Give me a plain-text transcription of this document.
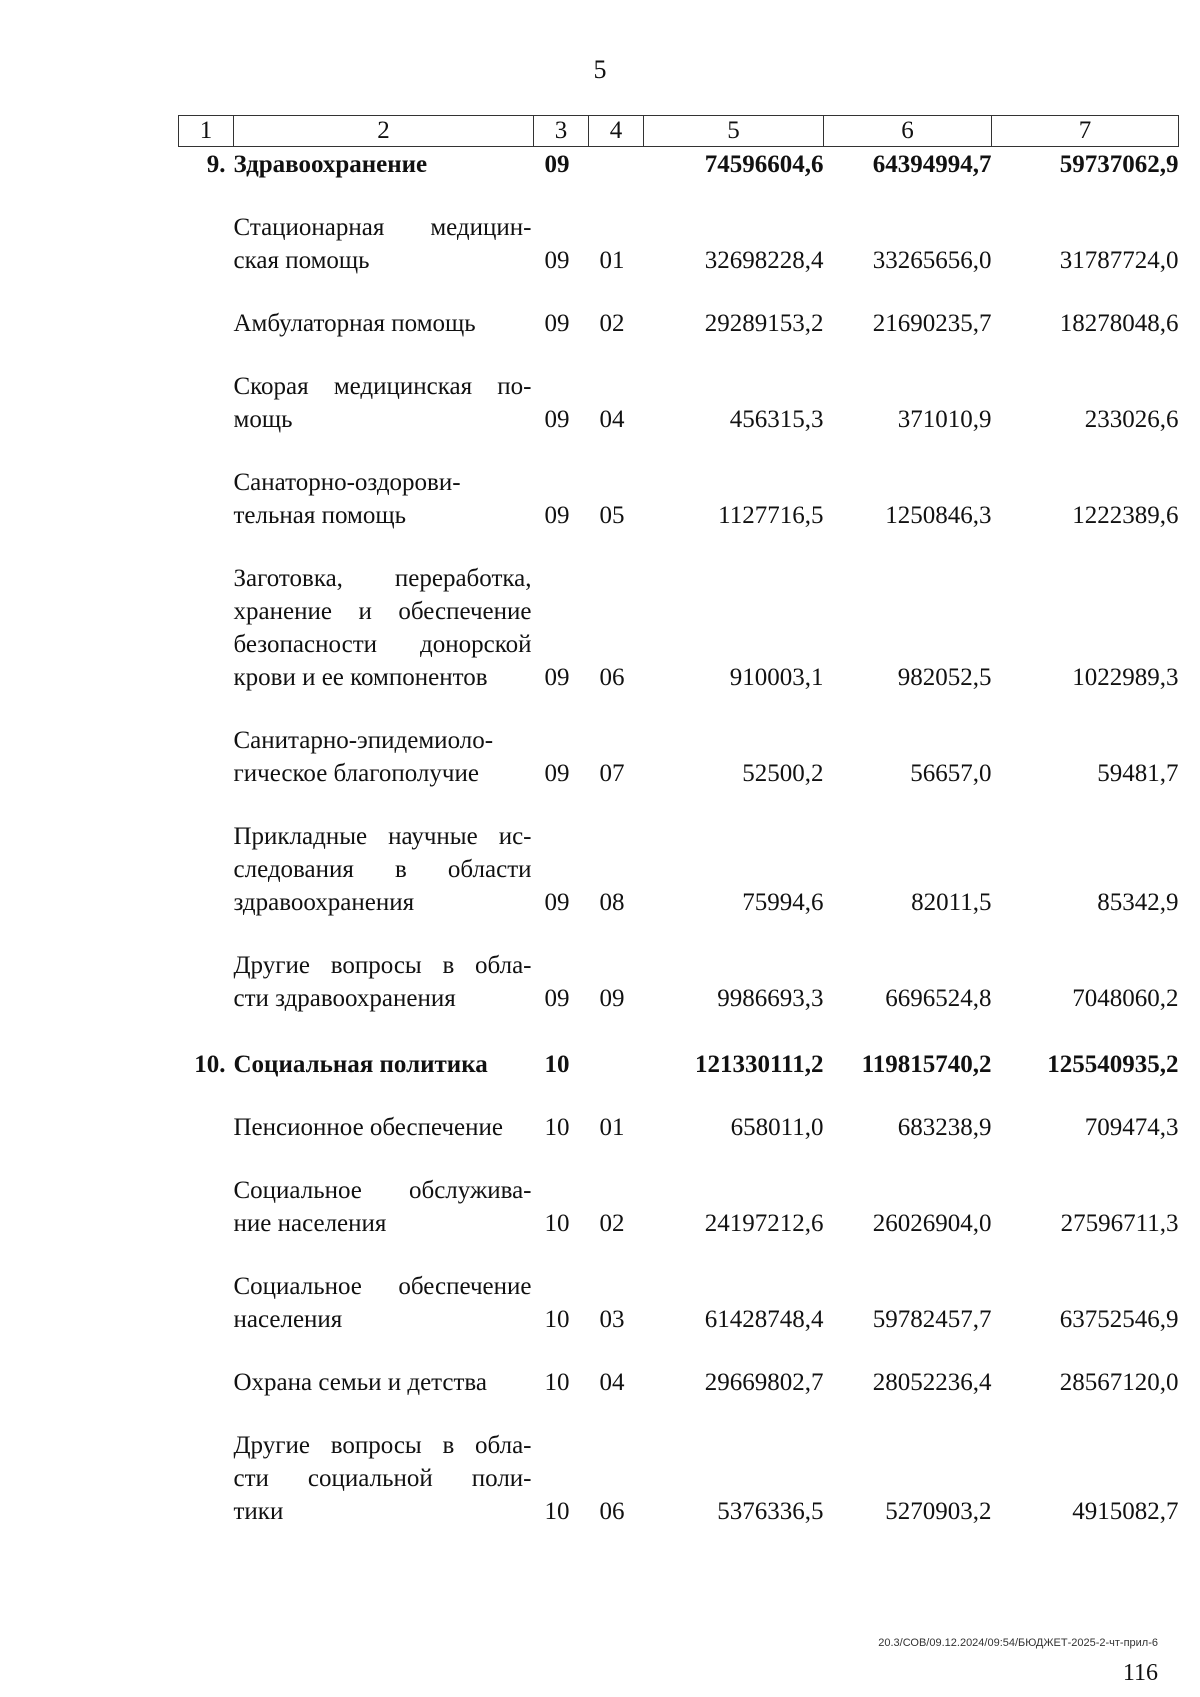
5
1	2	3	4	5	6	7
9.	Здравоохранение	09		74596604,6	64394994,7	59737062,9

	Стационарная медицин-
ская помощь	09	01	32698228,4	33265656,0	31787724,0

	Амбулаторная помощь	09	02	29289153,2	21690235,7	18278048,6

	Скорая медицинская по-
мощь	09	04	456315,3	371010,9	233026,6

	Санаторно-оздорови-
тельная помощь	09	05	1127716,5	1250846,3	1222389,6

	Заготовка, переработка,
хранение и обеспечение
безопасности донорской
крови и ее компонентов	09	06	910003,1	982052,5	1022989,3

	Санитарно-эпидемиоло-
гическое благополучие	09	07	52500,2	56657,0	59481,7

	Прикладные научные ис-
следования в области
здравоохранения	09	08	75994,6	82011,5	85342,9

	Другие вопросы в обла-
сти здравоохранения	09	09	9986693,3	6696524,8	7048060,2
10.	Социальная политика	10		121330111,2	119815740,2	125540935,2

	Пенсионное обеспечение	10	01	658011,0	683238,9	709474,3

	Социальное обслужива-
ние населения	10	02	24197212,6	26026904,0	27596711,3

	Социальное обеспечение
населения	10	03	61428748,4	59782457,7	63752546,9

	Охрана семьи и детства	10	04	29669802,7	28052236,4	28567120,0

	Другие вопросы в обла-
сти социальной поли-
тики	10	06	5376336,5	5270903,2	4915082,7
20.3/СОВ/09.12.2024/09:54/БЮДЖЕТ-2025-2-чт-прил-6
116
